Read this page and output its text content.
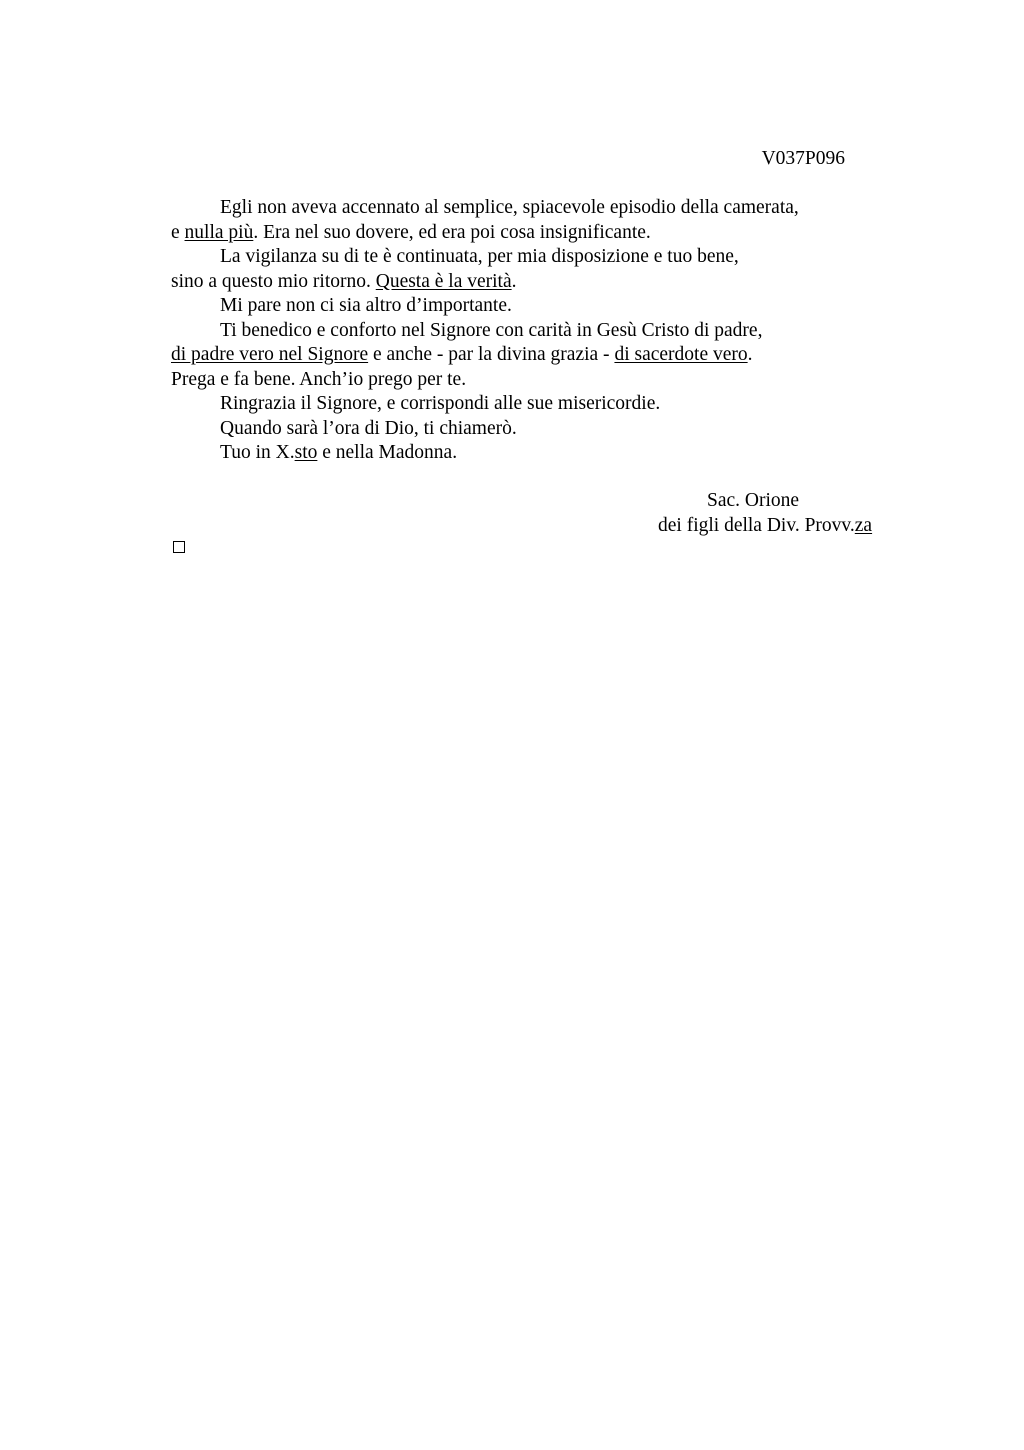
V037P096
Egli non aveva accennato al semplice, spiacevole episodio della camerata,
e nulla più. Era nel suo dovere, ed era poi cosa insignificante.
La vigilanza su di te è continuata, per mia disposizione e tuo bene,
sino a questo mio ritorno. Questa è la verità.
Mi pare non ci sia altro d’importante.
Ti benedico e conforto nel Signore con carità in Gesù Cristo di padre,
di padre vero nel Signore e anche - par la divina grazia - di sacerdote vero.
Prega e fa bene. Anch’io prego per te.
Ringrazia il Signore, e corrispondi alle sue misericordie.
Quando sarà l’ora di Dio, ti chiamerò.
Tuo in X.sto e nella Madonna.
Sac. Orione
dei figli della Div. Provv.za
